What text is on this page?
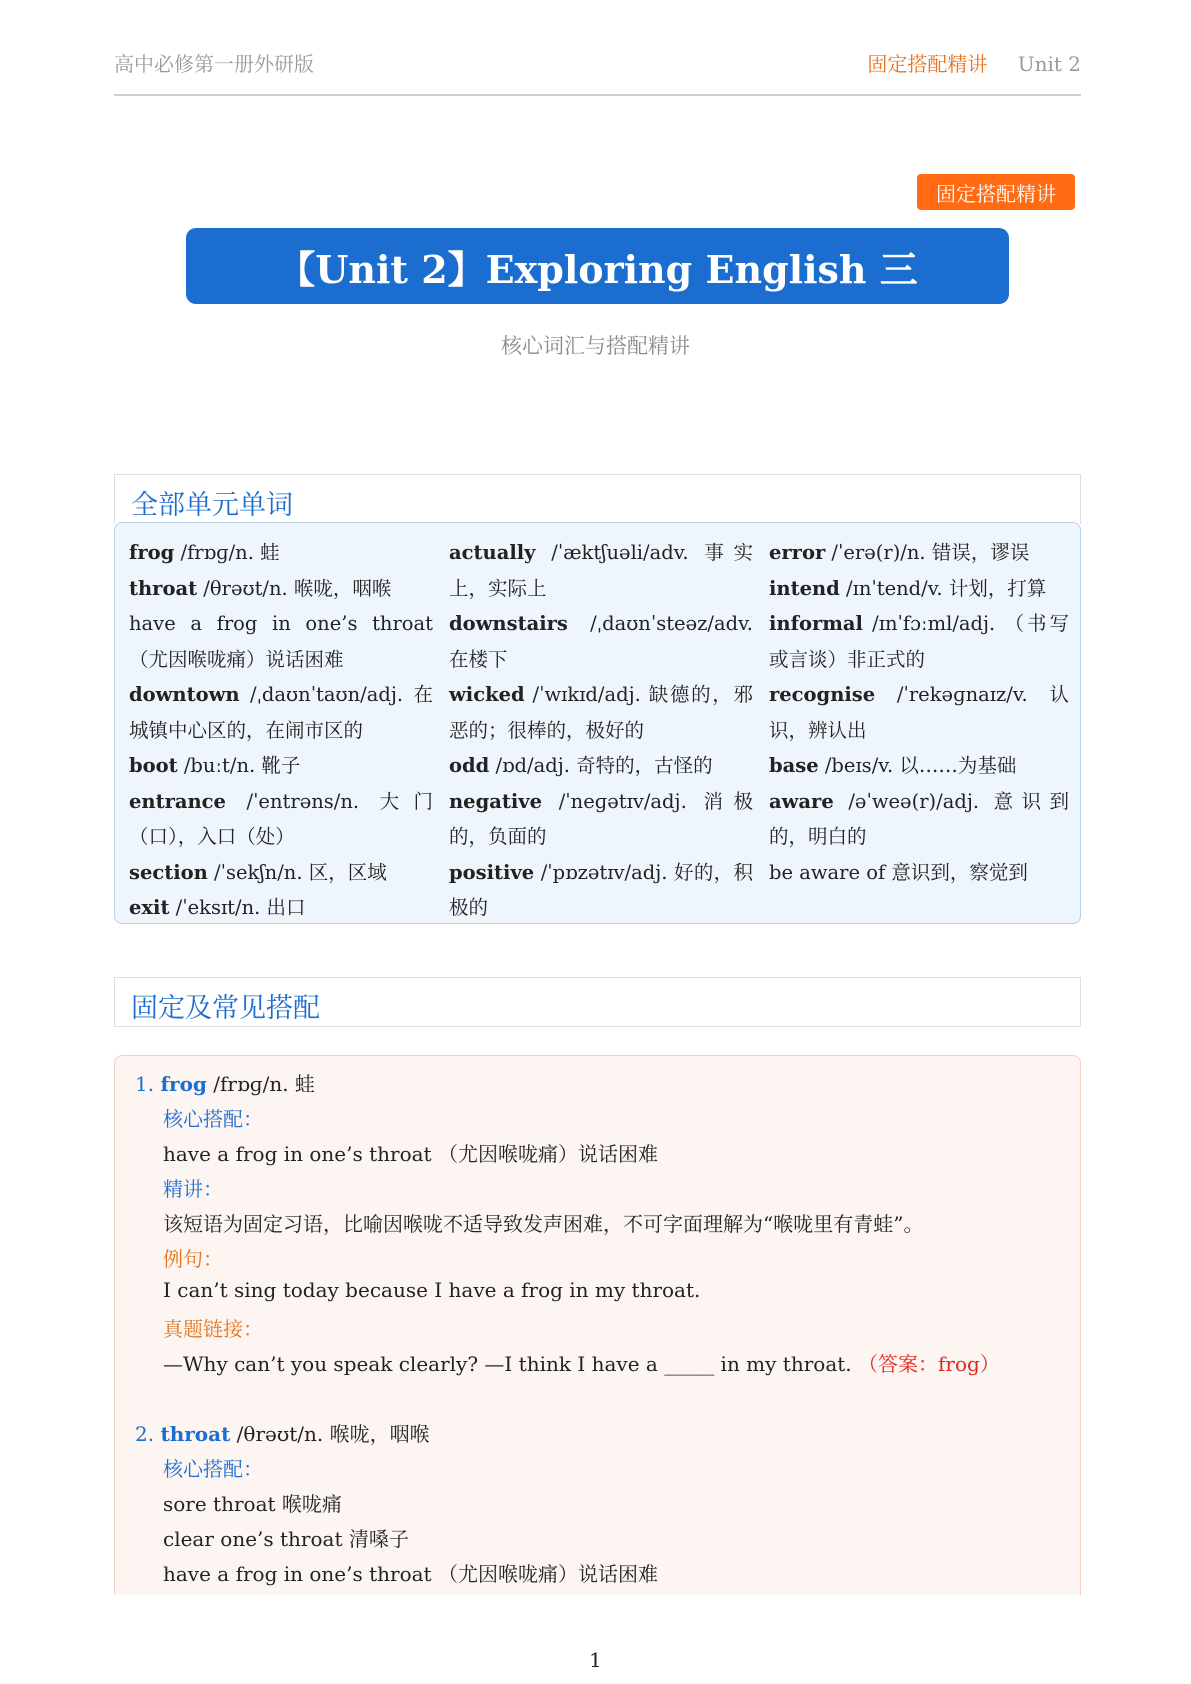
高中必修第一册外研版	固定搭配精讲 Unit 2
固定搭配精讲
【Unit 2】Exploring English 三
核心词汇与搭配精讲
全部单元单词

frog /frɒɡ/n. 蛙

throat /θrəʊt/n. 喉咙，咽喉

have a frog in one’s throat （尤因喉咙痛）说话困难

downtown /ˌdaʊnˈtaʊn/adj. 在城镇中心区的，在闹市区的

boot /buːt/n. 靴子

entrance /ˈentrəns/n. 大门（口），入口（处）

section /ˈsekʃn/n. 区，区域

exit /ˈeksɪt/n. 出口

actually /ˈæktʃuəli/adv. 事实上，实际上

downstairs /ˌdaʊnˈsteəz/adv. 在楼下

wicked /ˈwɪkɪd/adj. 缺德的，邪恶的；很棒的，极好的

odd /ɒd/adj. 奇特的，古怪的

negative /ˈneɡətɪv/adj. 消极的，负面的

positive /ˈpɒzətɪv/adj. 好的，积极的

error /ˈerə(r)/n. 错误，谬误

intend /ɪnˈtend/v. 计划，打算

informal /ɪnˈfɔːml/adj. （书写或言谈）非正式的

recognise /ˈrekəɡnaɪz/v. 认识，辨认出

base /beɪs/v. 以……为基础

aware /əˈweə(r)/adj. 意识到的，明白的

be aware of 意识到，察觉到

固定及常见搭配
1. frog /frɒɡ/n. 蛙
核心搭配：
have a frog in one’s throat （尤因喉咙痛）说话困难
精讲：
该短语为固定习语，比喻因喉咙不适导致发声困难，不可字面理解为“喉咙里有青蛙”。
例句：
I can’t sing today because I have a frog in my throat.
真题链接：
—Why can’t you speak clearly? —I think I have a _____ in my throat. （答案：frog）
2. throat /θrəʊt/n. 喉咙，咽喉
核心搭配：
sore throat 喉咙痛
clear one’s throat 清嗓子
have a frog in one’s throat （尤因喉咙痛）说话困难
1
